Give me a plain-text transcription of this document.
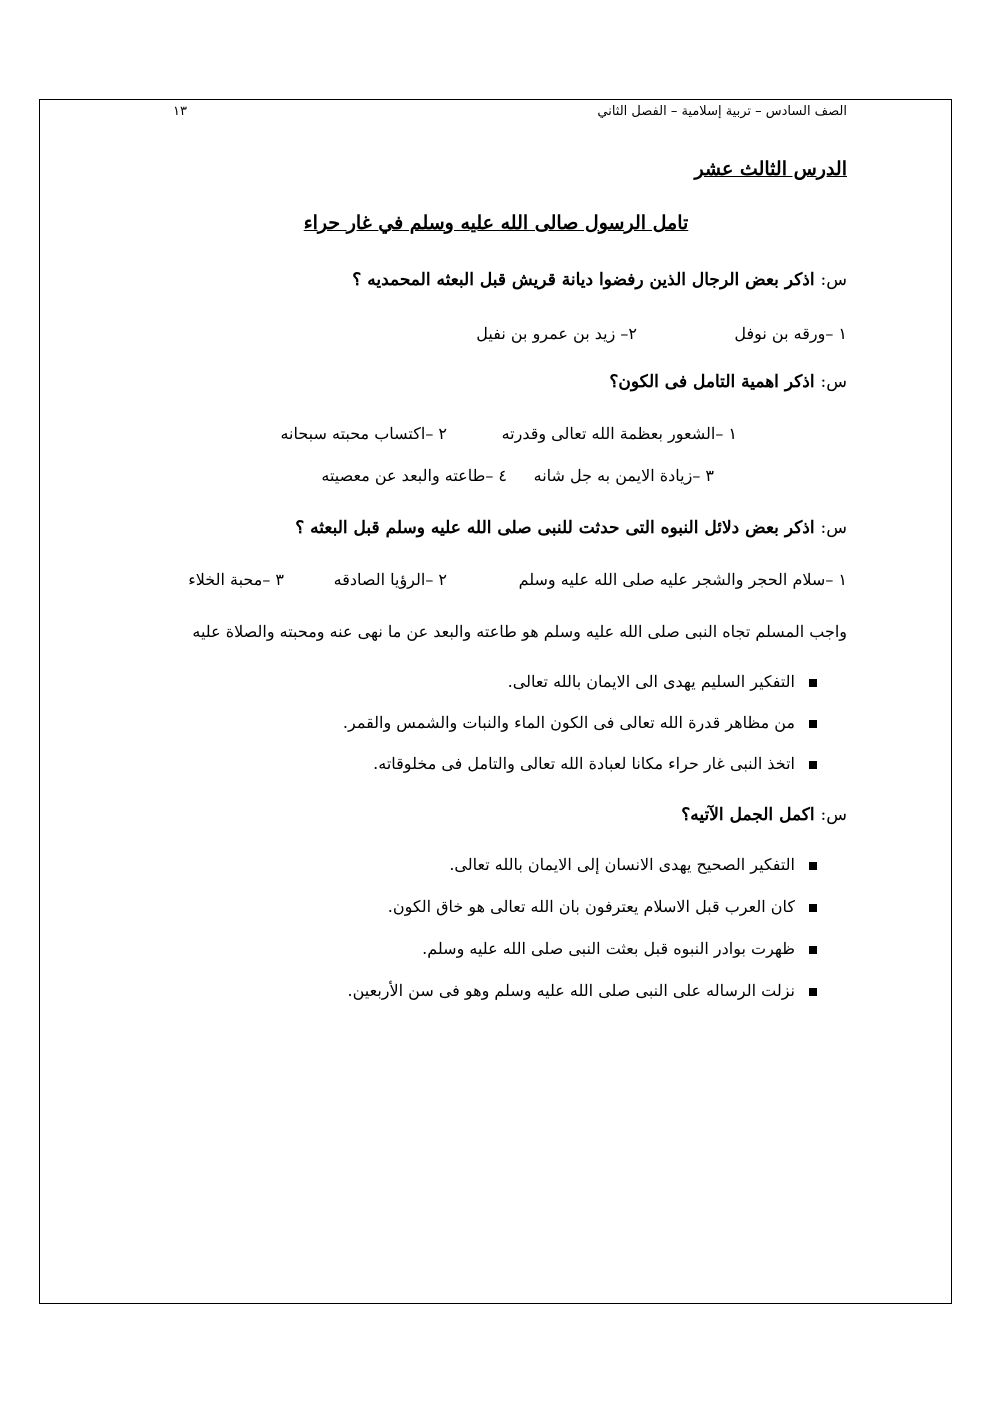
الصف السادس – تربية إسلامية – الفصل الثاني
١٣
الدرس الثالث عشر
تامل الرسول صالى الله عليه وسلم في غار حراء
س: اذكر بعض الرجال الذين رفضوا ديانة قريش قبل البعثه المحمديه ؟
١ –ورقه بن نوفل
٢– زيد بن عمرو بن نفيل
س: اذكر اهمية التامل فى الكون؟
١ –الشعور بعظمة الله تعالى وقدرته
٢ –اكتساب محبته سبحانه
٣ –زيادة الايمن به جل شانه
٤ –طاعته والبعد عن معصيته
س: اذكر بعض دلائل النبوه التى حدثت للنبى صلى الله عليه وسلم قبل البعثه ؟
١ –سلام الحجر والشجر عليه صلى الله عليه وسلم
٢ –الرؤيا الصادقه
٣ –محبة الخلاء
واجب المسلم تجاه النبى صلى الله عليه وسلم هو طاعته والبعد عن ما نهى عنه ومحبته والصلاة عليه
التفكير السليم يهدى الى الايمان بالله تعالى.
من مظاهر قدرة الله تعالى فى الكون الماء والنبات والشمس والقمر.
اتخذ النبى غار حراء مكانا لعبادة الله تعالى والتامل فى مخلوقاته.
س: اكمل الجمل الآتيه؟
التفكير الصحيح يهدى الانسان إلى الايمان بالله تعالى.
كان العرب قبل الاسلام يعترفون بان الله تعالى هو خاق الكون.
ظهرت بوادر النبوه قبل بعثت النبى صلى الله عليه وسلم.
نزلت الرساله على النبى صلى الله عليه وسلم وهو فى سن الأربعين.
